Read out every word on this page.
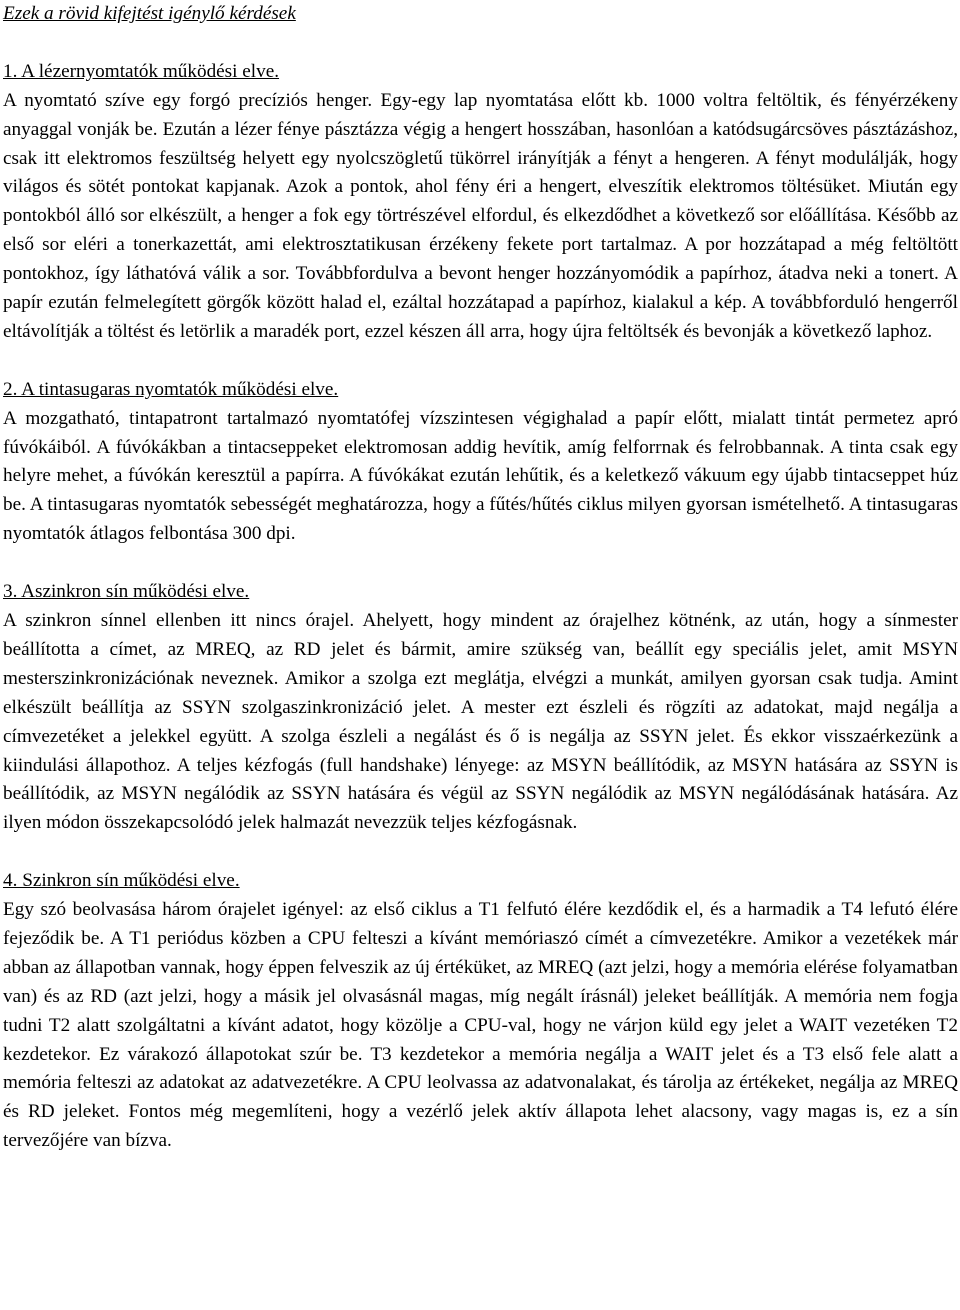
Ezek a rövid kifejtést igénylő kérdések
1. A lézernyomtatók működési elve.

A nyomtató szíve egy forgó precíziós henger. Egy-egy lap nyomtatása előtt kb. 1000 voltra feltöltik, és fényérzékeny anyaggal vonják be. Ezután a lézer fénye pásztázza végig a hengert hosszában, hasonlóan a katódsugárcsöves pásztázáshoz, csak itt elektromos feszültség helyett egy nyolcszögletű tükörrel irányítják a fényt a hengeren. A fényt modulálják, hogy világos és sötét pontokat kapjanak. Azok a pontok, ahol fény éri a hengert, elveszítik elektromos töltésüket. Miután egy pontokból álló sor elkészült, a henger a fok egy törtrészével elfordul, és elkezdődhet a következő sor előállítása. Később az első sor eléri a tonerkazettát, ami elektrosztatikusan érzékeny fekete port tartalmaz. A por hozzátapad a még feltöltött pontokhoz, így láthatóvá válik a sor. Továbbfordulva a bevont henger hozzányomódik a papírhoz, átadva neki a tonert. A papír ezután felmelegített görgők között halad el, ezáltal hozzátapad a papírhoz, kialakul a kép. A továbbforduló hengerről eltávolítják a töltést és letörlik a maradék port, ezzel készen áll arra, hogy újra feltöltsék és bevonják a következő laphoz.

2. A tintasugaras nyomtatók működési elve.

A mozgatható, tintapatront tartalmazó nyomtatófej vízszintesen végighalad a papír előtt, mialatt tintát permetez apró fúvókáiból. A fúvókákban a tintacseppeket elektromosan addig hevítik, amíg felforrnak és felrobbannak. A tinta csak egy helyre mehet, a fúvókán keresztül a papírra. A fúvókákat ezután lehűtik, és a keletkező vákuum egy újabb tintacseppet húz be. A tintasugaras nyomtatók sebességét meghatározza, hogy a fűtés/hűtés ciklus milyen gyorsan ismételhető. A tintasugaras nyomtatók átlagos felbontása 300 dpi.

3. Aszinkron sín működési elve.

A szinkron sínnel ellenben itt nincs órajel. Ahelyett, hogy mindent az órajelhez kötnénk, az után, hogy a sínmester beállította a címet, az MREQ, az RD jelet és bármit, amire szükség van, beállít egy speciális jelet, amit MSYN mesterszinkronizációnak neveznek. Amikor a szolga ezt meglátja, elvégzi a munkát, amilyen gyorsan csak tudja. Amint elkészült beállítja az SSYN szolgaszinkronizáció jelet. A mester ezt észleli és rögzíti az adatokat, majd negálja a címvezetéket a jelekkel együtt. A szolga észleli a negálást és ő is negálja az SSYN jelet. És ekkor visszaérkezünk a kiindulási állapothoz. A teljes kézfogás (full handshake) lényege: az MSYN beállítódik, az MSYN hatására az SSYN is beállítódik, az MSYN negálódik az SSYN hatására és végül az SSYN negálódik az MSYN negálódásának hatására. Az ilyen módon összekapcsolódó jelek halmazát nevezzük teljes kézfogásnak.

4. Szinkron sín működési elve.

Egy szó beolvasása három órajelet igényel: az első ciklus a T1 felfutó élére kezdődik el, és a harmadik a T4 lefutó élére fejeződik be. A T1 periódus közben a CPU felteszi a kívánt memóriaszó címét a címvezetékre. Amikor a vezetékek már abban az állapotban vannak, hogy éppen felveszik az új értéküket, az MREQ (azt jelzi, hogy a memória elérése folyamatban van) és az RD (azt jelzi, hogy a másik jel olvasásnál magas, míg negált írásnál) jeleket beállítják. A memória nem fogja tudni T2 alatt szolgáltatni a kívánt adatot, hogy közölje a CPU-val, hogy ne várjon küld egy jelet a WAIT vezetéken T2 kezdetekor. Ez várakozó állapotokat szúr be. T3 kezdetekor a memória negálja a WAIT jelet és a T3 első fele alatt a memória felteszi az adatokat az adatvezetékre. A CPU leolvassa az adatvonalakat, és tárolja az értékeket, negálja az MREQ és RD jeleket. Fontos még megemlíteni, hogy a vezérlő jelek aktív állapota lehet alacsony, vagy magas is, ez a sín tervezőjére van bízva.
